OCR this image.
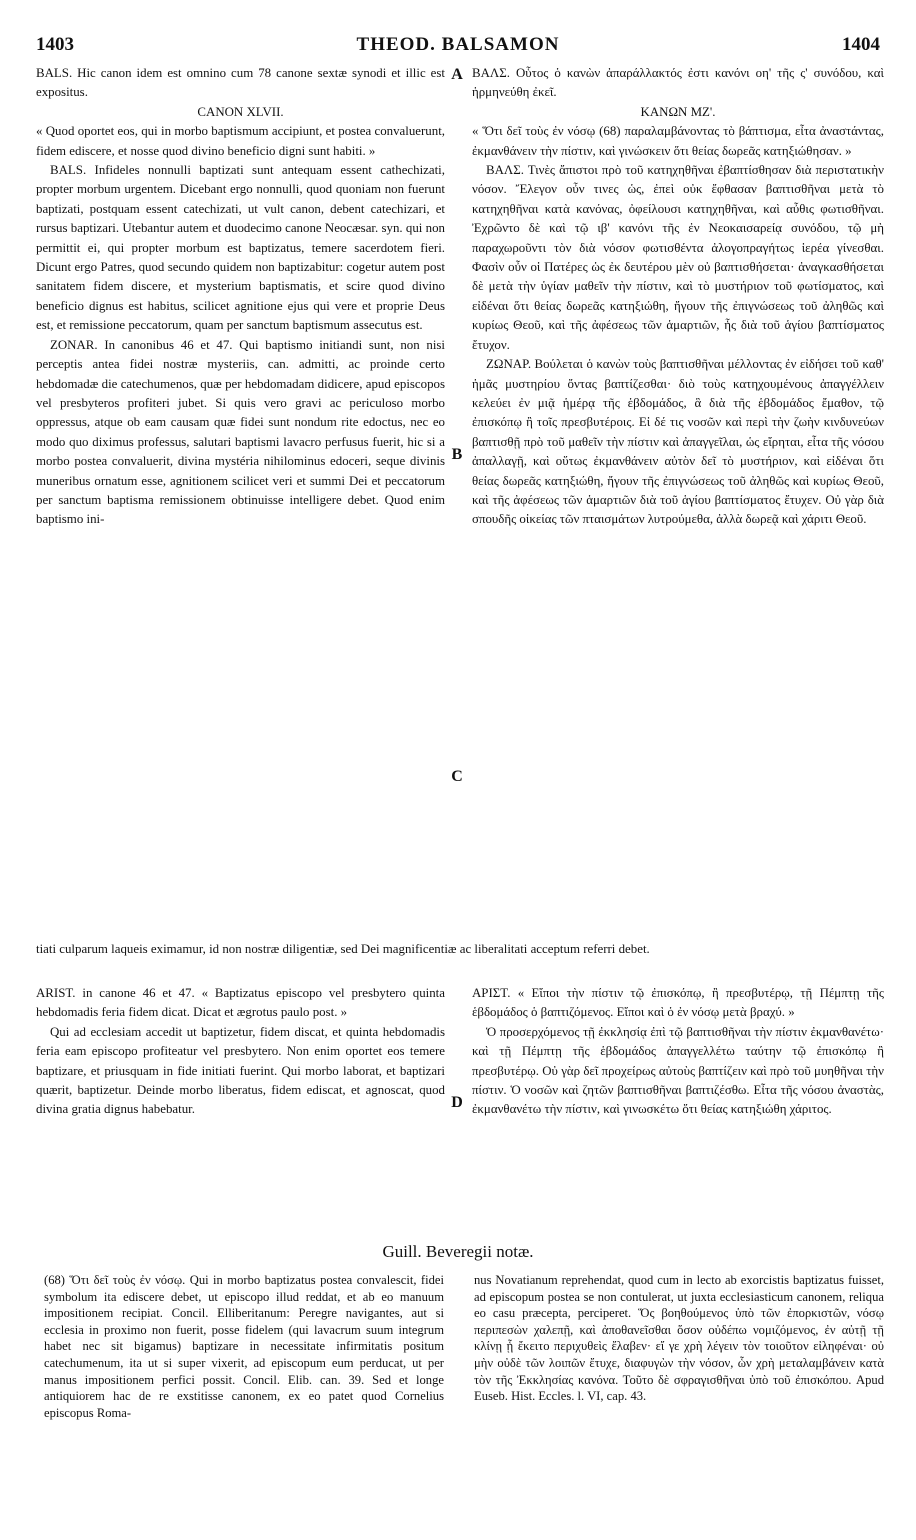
1403	THEOD. BALSAMON	1404

BALS. Hic canon idem est omnino cum 78 canone sextæ synodi et illic est expositus.

CANON XLVII.

« Quod oportet eos, qui in morbo baptismum accipiunt, et postea convaluerunt, fidem ediscere, et nosse quod divino beneficio digni sunt habiti. »

BALS. Infideles nonnulli baptizati sunt antequam essent cathechizati, propter morbum urgentem. Dicebant ergo nonnulli, quod quoniam non fuerunt baptizati, postquam essent catechizati, ut vult canon, debent catechizari, et rursus baptizari. Utebantur autem et duodecimo canone Neocæsar. syn. qui non permittit ei, qui propter morbum est baptizatus, temere sacerdotem fieri. Dicunt ergo Patres, quod secundo quidem non baptizabitur: cogetur autem post sanitatem fidem discere, et mysterium baptismatis, et scire quod divino beneficio dignus est habitus, scilicet agnitione ejus qui vere et proprie Deus est, et remissione peccatorum, quam per sanctum baptismum assecutus est.

ZONAR. In canonibus 46 et 47. Qui baptismo initiandi sunt, non nisi perceptis antea fidei nostræ mysteriis, can. admitti, ac proinde certo hebdomadæ die catechumenos, quæ per hebdomadam didicere, apud episcopos vel presbyteros profiteri jubet. Si quis vero gravi ac periculoso morbo oppressus, atque ob eam causam quæ fidei sunt nondum rite edoctus, nec eo modo quo diximus professus, salutari baptismi lavacro perfusus fuerit, hic si a morbo postea convaluerit, divina mystéria nihilominus edoceri, seque divinis muneribus ornatum esse, agnitionem scilicet veri et summi Dei et peccatorum per sanctum baptisma remissionem obtinuisse intelligere debet. Quod enim baptismo ini-

ΒΑΛΣ. Οὗτος ὁ κανὼν ἀπαράλλακτός ἐστι κανόνι οη' τῆς ς' συνόδου, καὶ ἡρμηνεύθη ἐκεῖ.

ΚΑΝΩΝ ΜΖ'.

« Ὅτι δεῖ τοὺς ἐν νόσῳ (68) παραλαμβάνοντας τὸ βάπτισμα, εἶτα ἀναστάντας, ἐκμανθάνειν τὴν πίστιν, καὶ γινώσκειν ὅτι θείας δωρεᾶς κατηξιώθησαν. »

ΒΑΛΣ. Τινὲς ἄπιστοι πρὸ τοῦ κατηχηθῆναι ἐβαπτίσθησαν διὰ περιστατικὴν νόσον. Ἔλεγον οὖν τινες ὡς, ἐπεὶ οὐκ ἔφθασαν βαπτισθῆναι μετὰ τὸ κατηχηθῆναι κατὰ κανόνας, ὀφείλουσι κατηχηθῆναι, καὶ αὖθις φωτισθῆναι. Ἐχρῶντο δὲ καὶ τῷ ιβ' κανόνι τῆς ἐν Νεοκαισαρείᾳ συνόδου, τῷ μὴ παραχωροῦντι τὸν διὰ νόσον φωτισθέντα ἀλογοπραγήτως ἱερέα γίνεσθαι. Φασὶν οὖν οἱ Πατέρες ὡς ἐκ δευτέρου μὲν οὐ βαπτισθήσεται· ἀναγκασθήσεται δὲ μετὰ τὴν ὑγίαν μαθεῖν τὴν πίστιν, καὶ τὸ μυστήριον τοῦ φωτίσματος, καὶ εἰδέναι ὅτι θείας δωρεᾶς κατηξιώθη, ἤγουν τῆς ἐπιγνώσεως τοῦ ἀληθῶς καὶ κυρίως Θεοῦ, καὶ τῆς ἀφέσεως τῶν ἁμαρτιῶν, ἧς διὰ τοῦ ἁγίου βαπτίσματος ἔτυχον.

ΖΩΝΑΡ. Βούλεται ὁ κανὼν τοὺς βαπτισθῆναι μέλλοντας ἐν εἰδήσει τοῦ καθ' ἡμᾶς μυστηρίου ὄντας βαπτίζεσθαι· διὸ τοὺς κατηχουμένους ἀπαγγέλλειν κελεύει ἐν μιᾷ ἡμέρᾳ τῆς ἑβδομάδος, ἃ διὰ τῆς ἑβδομάδος ἔμαθον, τῷ ἐπισκόπῳ ἢ τοῖς πρεσβυτέροις. Εἰ δέ τις νοσῶν καὶ περὶ τὴν ζωὴν κινδυνεύων βαπτισθῇ πρὸ τοῦ μαθεῖν τὴν πίστιν καὶ ἀπαγγεῖλαι, ὡς εἴρηται, εἶτα τῆς νόσου ἀπαλλαγῇ, καὶ οὕτως ἐκμανθάνειν αὐτὸν δεῖ τὸ μυστήριον, καὶ εἰδέναι ὅτι θείας δωρεᾶς κατηξιώθη, ἤγουν τῆς ἐπιγνώσεως τοῦ ἀληθῶς καὶ κυρίως Θεοῦ, καὶ τῆς ἀφέσεως τῶν ἁμαρτιῶν διὰ τοῦ ἁγίου βαπτίσματος ἔτυχεν. Οὐ γὰρ διὰ σπουδῆς οἰκείας τῶν πταισμάτων λυτρούμεθα, ἀλλὰ δωρεᾷ καὶ χάριτι Θεοῦ.

A
B
C
D
tiati culparum laqueis eximamur, id non nostræ diligentiæ, sed Dei magnificentiæ ac liberalitati acceptum referri debet.
Guill. Beveregii notæ.

(68) Ὅτι δεῖ τοὺς ἐν νόσῳ. Qui in morbo baptizatus postea convalescit, fidei symbolum ita ediscere debet, ut episcopo illud reddat, et ab eo manuum impositionem recipiat. Concil. Elliberitanum: Peregre navigantes, aut si ecclesia in proximo non fuerit, posse fidelem (qui lavacrum suum integrum habet nec sit bigamus) baptizare in necessitate infirmitatis positum catechumenum, ita ut si super vixerit, ad episcopum eum perducat, ut per manus impositionem perfici possit. Concil. Elib. can. 39. Sed et longe antiquiorem hac de re exstitisse canonem, ex eo patet quod Cornelius episcopus Roma-

nus Novatianum reprehendat, quod cum in lecto ab exorcistis baptizatus fuisset, ad episcopum postea se non contulerat, ut juxta ecclesiasticum canonem, reliqua eo casu præcepta, perciperet. Ὅς βοηθούμενος ὑπὸ τῶν ἐπορκιστῶν, νόσῳ περιπεσὼν χαλεπῇ, καὶ ἀποθανεῖσθαι ὅσον οὐδέπω νομιζόμενος, ἐν αὐτῇ τῇ κλίνῃ ᾗ ἔκειτο περιχυθεὶς ἔλαβεν· εἴ γε χρὴ λέγειν τὸν τοιοῦτον εἰληφέναι· οὐ μὴν οὐδὲ τῶν λοιπῶν ἔτυχε, διαφυγὼν τὴν νόσον, ὧν χρὴ μεταλαμβάνειν κατὰ τὸν τῆς Ἐκκλησίας κανόνα. Τοῦτο δὲ σφραγισθῆναι ὑπὸ τοῦ ἐπισκόπου. Apud Euseb. Hist. Eccles. l. VI, cap. 43.

ARIST. in canone 46 et 47. « Baptizatus episcopo vel presbytero quinta hebdomadis feria fidem dicat. Dicat et ægrotus paulo post. »

Qui ad ecclesiam accedit ut baptizetur, fidem discat, et quinta hebdomadis feria eam episcopo profiteatur vel presbytero. Non enim oportet eos temere baptizare, et priusquam in fide initiati fuerint. Qui morbo laborat, et baptizari quærit, baptizetur. Deinde morbo liberatus, fidem ediscat, et agnoscat, quod divina gratia dignus habebatur.

ΑΡΙΣΤ. « Εἴποι τὴν πίστιν τῷ ἐπισκόπῳ, ἢ πρεσβυτέρῳ, τῇ Πέμπτῃ τῆς ἑβδομάδος ὁ βαπτιζόμενος. Εἴποι καὶ ὁ ἐν νόσῳ μετὰ βραχύ. »

Ὁ προσερχόμενος τῇ ἐκκλησίᾳ ἐπὶ τῷ βαπτισθῆναι τὴν πίστιν ἐκμανθανέτω· καὶ τῇ Πέμπτῃ τῆς ἑβδομάδος ἀπαγγελλέτω ταύτην τῷ ἐπισκόπῳ ἢ πρεσβυτέρῳ. Οὐ γὰρ δεῖ προχείρως αὐτοὺς βαπτίζειν καὶ πρὸ τοῦ μυηθῆναι τὴν πίστιν. Ὁ νοσῶν καὶ ζητῶν βαπτισθῆναι βαπτιζέσθω. Εἶτα τῆς νόσου ἀναστὰς, ἐκμανθανέτω τὴν πίστιν, καὶ γινωσκέτω ὅτι θείας κατηξιώθη χάριτος.
